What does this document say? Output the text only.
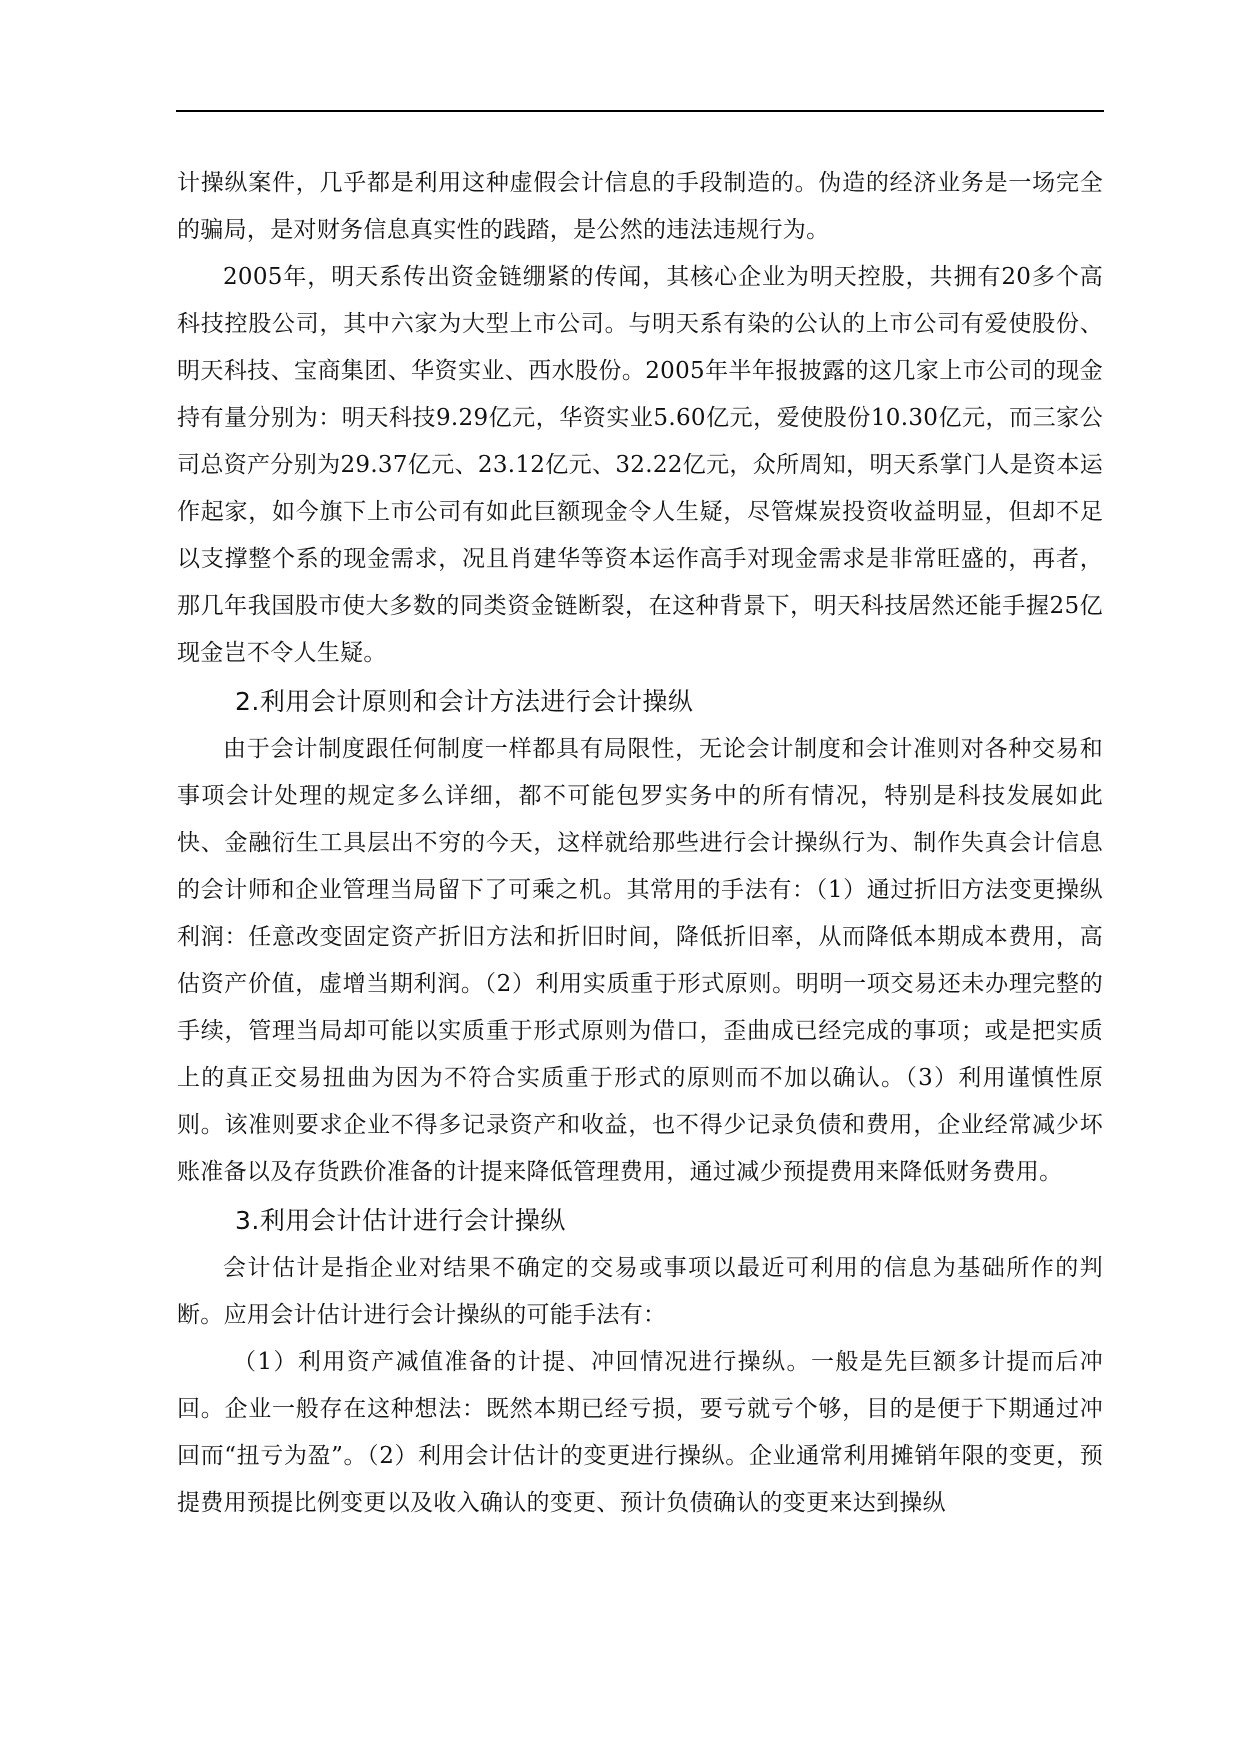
计操纵案件，几乎都是利用这种虚假会计信息的手段制造的。伪造的经济业务是一场完全的骗局，是对财务信息真实性的践踏，是公然的违法违规行为。

2005年，明天系传出资金链绷紧的传闻，其核心企业为明天控股，共拥有20多个高科技控股公司，其中六家为大型上市公司。与明天系有染的公认的上市公司有爱使股份、明天科技、宝商集团、华资实业、西水股份。2005年半年报披露的这几家上市公司的现金持有量分别为：明天科技9.29亿元，华资实业5.60亿元，爱使股份10.30亿元，而三家公司总资产分别为29.37亿元、23.12亿元、32.22亿元，众所周知，明天系掌门人是资本运作起家，如今旗下上市公司有如此巨额现金令人生疑，尽管煤炭投资收益明显，但却不足以支撑整个系的现金需求，况且肖建华等资本运作高手对现金需求是非常旺盛的，再者，那几年我国股市使大多数的同类资金链断裂，在这种背景下，明天科技居然还能手握25亿现金岂不令人生疑。

2.利用会计原则和会计方法进行会计操纵

由于会计制度跟任何制度一样都具有局限性，无论会计制度和会计准则对各种交易和事项会计处理的规定多么详细，都不可能包罗实务中的所有情况，特别是科技发展如此快、金融衍生工具层出不穷的今天，这样就给那些进行会计操纵行为、制作失真会计信息的会计师和企业管理当局留下了可乘之机。其常用的手法有：（1）通过折旧方法变更操纵利润：任意改变固定资产折旧方法和折旧时间，降低折旧率，从而降低本期成本费用，高估资产价值，虚增当期利润。（2）利用实质重于形式原则。明明一项交易还未办理完整的手续，管理当局却可能以实质重于形式原则为借口，歪曲成已经完成的事项；或是把实质上的真正交易扭曲为因为不符合实质重于形式的原则而不加以确认。（3）利用谨慎性原则。该准则要求企业不得多记录资产和收益，也不得少记录负债和费用，企业经常减少坏账准备以及存货跌价准备的计提来降低管理费用，通过减少预提费用来降低财务费用。

3.利用会计估计进行会计操纵

会计估计是指企业对结果不确定的交易或事项以最近可利用的信息为基础所作的判断。应用会计估计进行会计操纵的可能手法有：

（1）利用资产减值准备的计提、冲回情况进行操纵。一般是先巨额多计提而后冲回。企业一般存在这种想法：既然本期已经亏损，要亏就亏个够，目的是便于下期通过冲回而“扭亏为盈”。（2）利用会计估计的变更进行操纵。企业通常利用摊销年限的变更，预提费用预提比例变更以及收入确认的变更、预计负债确认的变更来达到操纵
